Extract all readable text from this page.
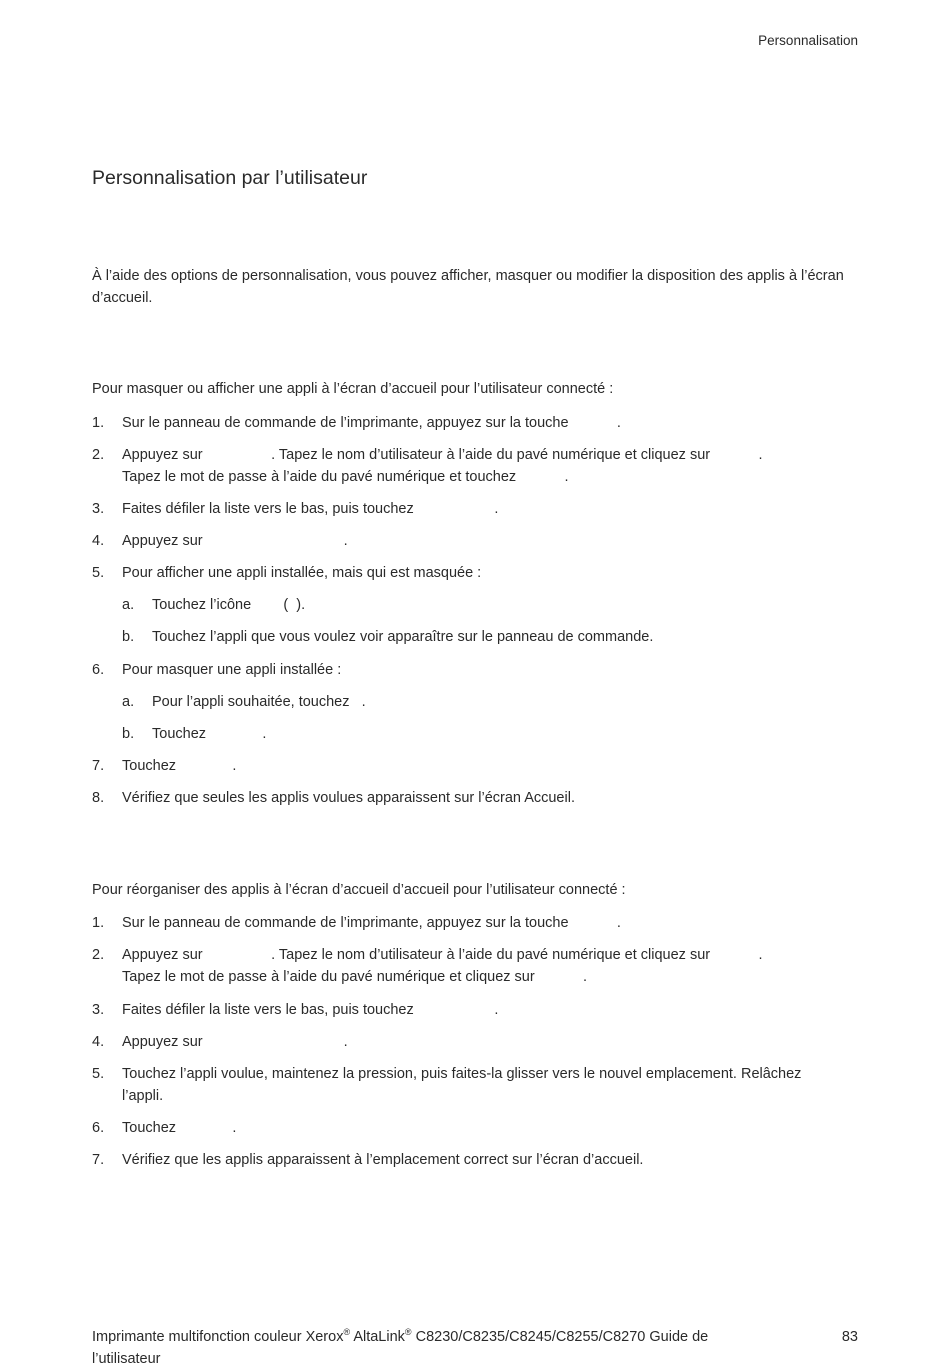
Personnalisation
Personnalisation par l’utilisateur
À l’aide des options de personnalisation, vous pouvez afficher, masquer ou modifier la disposition des applis à l’écran d’accueil.
Pour masquer ou afficher une appli à l’écran d’accueil pour l’utilisateur connecté :
1. Sur le panneau de commande de l’imprimante, appuyez sur la touche            .
2. Appuyez sur                 . Tapez le nom d’utilisateur à l’aide du pavé numérique et cliquez sur            .
Tapez le mot de passe à l’aide du pavé numérique et touchez            .
3. Faites défiler la liste vers le bas, puis touchez                    .
4. Appuyez sur                                   .
5. Pour afficher une appli installée, mais qui est masquée :
a. Touchez l’icône        (  ).
b. Touchez l’appli que vous voulez voir apparaître sur le panneau de commande.
6. Pour masquer une appli installée :
a. Pour l’appli souhaitée, touchez   .
b. Touchez              .
7. Touchez              .
8. Vérifiez que seules les applis voulues apparaissent sur l’écran Accueil.
Pour réorganiser des applis à l’écran d’accueil d’accueil pour l’utilisateur connecté :
1. Sur le panneau de commande de l’imprimante, appuyez sur la touche            .
2. Appuyez sur                 . Tapez le nom d’utilisateur à l’aide du pavé numérique et cliquez sur            .
Tapez le mot de passe à l’aide du pavé numérique et cliquez sur            .
3. Faites défiler la liste vers le bas, puis touchez                    .
4. Appuyez sur                                   .
5. Touchez l’appli voulue, maintenez la pression, puis faites-la glisser vers le nouvel emplacement. Relâchez
l’appli.
6. Touchez              .
7. Vérifiez que les applis apparaissent à l’emplacement correct sur l’écran d’accueil.
Imprimante multifonction couleur Xerox® AltaLink® C8230/C8235/C8245/C8255/C8270 Guide de
l’utilisateur
83
